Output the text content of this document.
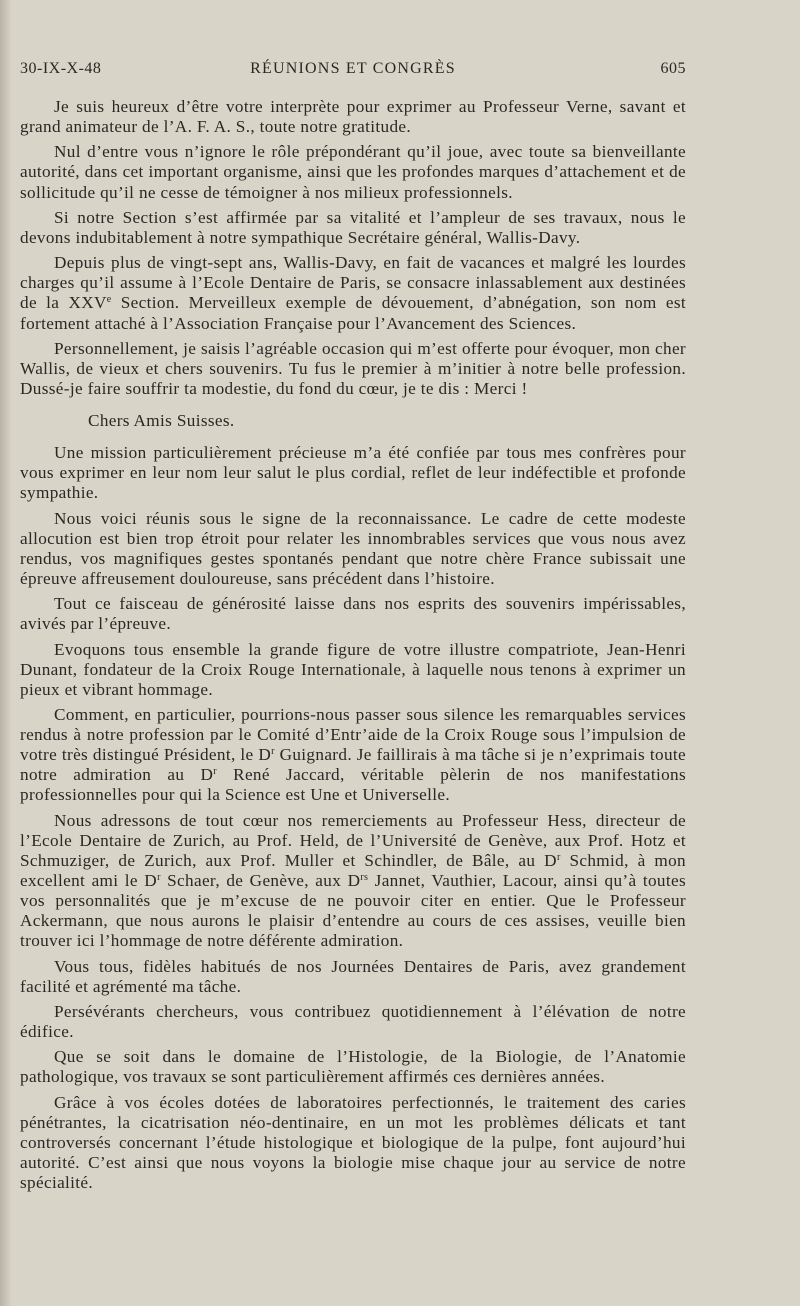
30-IX-X-48	RÉUNIONS ET CONGRÈS	605

Je suis heureux d’être votre interprète pour exprimer au Professeur Verne, savant et grand animateur de l’A. F. A. S., toute notre gratitude.

Nul d’entre vous n’ignore le rôle prépondérant qu’il joue, avec toute sa bienveillante autorité, dans cet important organisme, ainsi que les profondes marques d’attachement et de sollicitude qu’il ne cesse de témoigner à nos milieux professionnels.

Si notre Section s’est affirmée par sa vitalité et l’ampleur de ses travaux, nous le devons indubitablement à notre sympathique Secrétaire général, Wallis-Davy.

Depuis plus de vingt-sept ans, Wallis-Davy, en fait de vacances et malgré les lourdes charges qu’il assume à l’Ecole Dentaire de Paris, se consacre inlassablement aux destinées de la XXVe Section. Merveilleux exemple de dévouement, d’abnégation, son nom est fortement attaché à l’Association Française pour l’Avancement des Sciences.

Personnellement, je saisis l’agréable occasion qui m’est offerte pour évoquer, mon cher Wallis, de vieux et chers souvenirs. Tu fus le premier à m’initier à notre belle profession. Dussé-je faire souffrir ta modestie, du fond du cœur, je te dis : Merci !

Chers Amis Suisses.

Une mission particulièrement précieuse m’a été confiée par tous mes confrères pour vous exprimer en leur nom leur salut le plus cordial, reflet de leur indéfectible et profonde sympathie.

Nous voici réunis sous le signe de la reconnaissance. Le cadre de cette modeste allocution est bien trop étroit pour relater les innombrables services que vous nous avez rendus, vos magnifiques gestes spontanés pendant que notre chère France subissait une épreuve affreusement douloureuse, sans précédent dans l’histoire.

Tout ce faisceau de générosité laisse dans nos esprits des souvenirs impérissables, avivés par l’épreuve.

Evoquons tous ensemble la grande figure de votre illustre compatriote, Jean-Henri Dunant, fondateur de la Croix Rouge Internationale, à laquelle nous tenons à exprimer un pieux et vibrant hommage.

Comment, en particulier, pourrions-nous passer sous silence les remarquables services rendus à notre profession par le Comité d’Entr’aide de la Croix Rouge sous l’impulsion de votre très distingué Président, le $D^r$ Guignard. Je faillirais à ma tâche si je n’exprimais toute notre admiration au $D^r$ René Jaccard, véritable pèlerin de nos manifestations professionnelles pour qui la Science est Une et Universelle.

Nous adressons de tout cœur nos remerciements au Professeur Hess, directeur de l’Ecole Dentaire de Zurich, au Prof. Held, de l’Université de Genève, aux Prof. Hotz et Schmuziger, de Zurich, aux Prof. Muller et Schindler, de Bâle, au $D^r$ Schmid, à mon excellent ami le $D^r$ Schaer, de Genève, aux $D^{rs}$ Jannet, Vauthier, Lacour, ainsi qu’à toutes vos personnalités que je m’excuse de ne pouvoir citer en entier. Que le Professeur Ackermann, que nous aurons le plaisir d’entendre au cours de ces assises, veuille bien trouver ici l’hommage de notre déférente admiration.

Vous tous, fidèles habitués de nos Journées Dentaires de Paris, avez grandement facilité et agrémenté ma tâche.

Persévérants chercheurs, vous contribuez quotidiennement à l’élévation de notre édifice.

Que se soit dans le domaine de l’Histologie, de la Biologie, de l’Anatomie pathologique, vos travaux se sont particulièrement affirmés ces dernières années.

Grâce à vos écoles dotées de laboratoires perfectionnés, le traitement des caries pénétrantes, la cicatrisation néo-dentinaire, en un mot les problèmes délicats et tant controversés concernant l’étude histologique et biologique de la pulpe, font aujourd’hui autorité. C’est ainsi que nous voyons la biologie mise chaque jour au service de notre spécialité.
